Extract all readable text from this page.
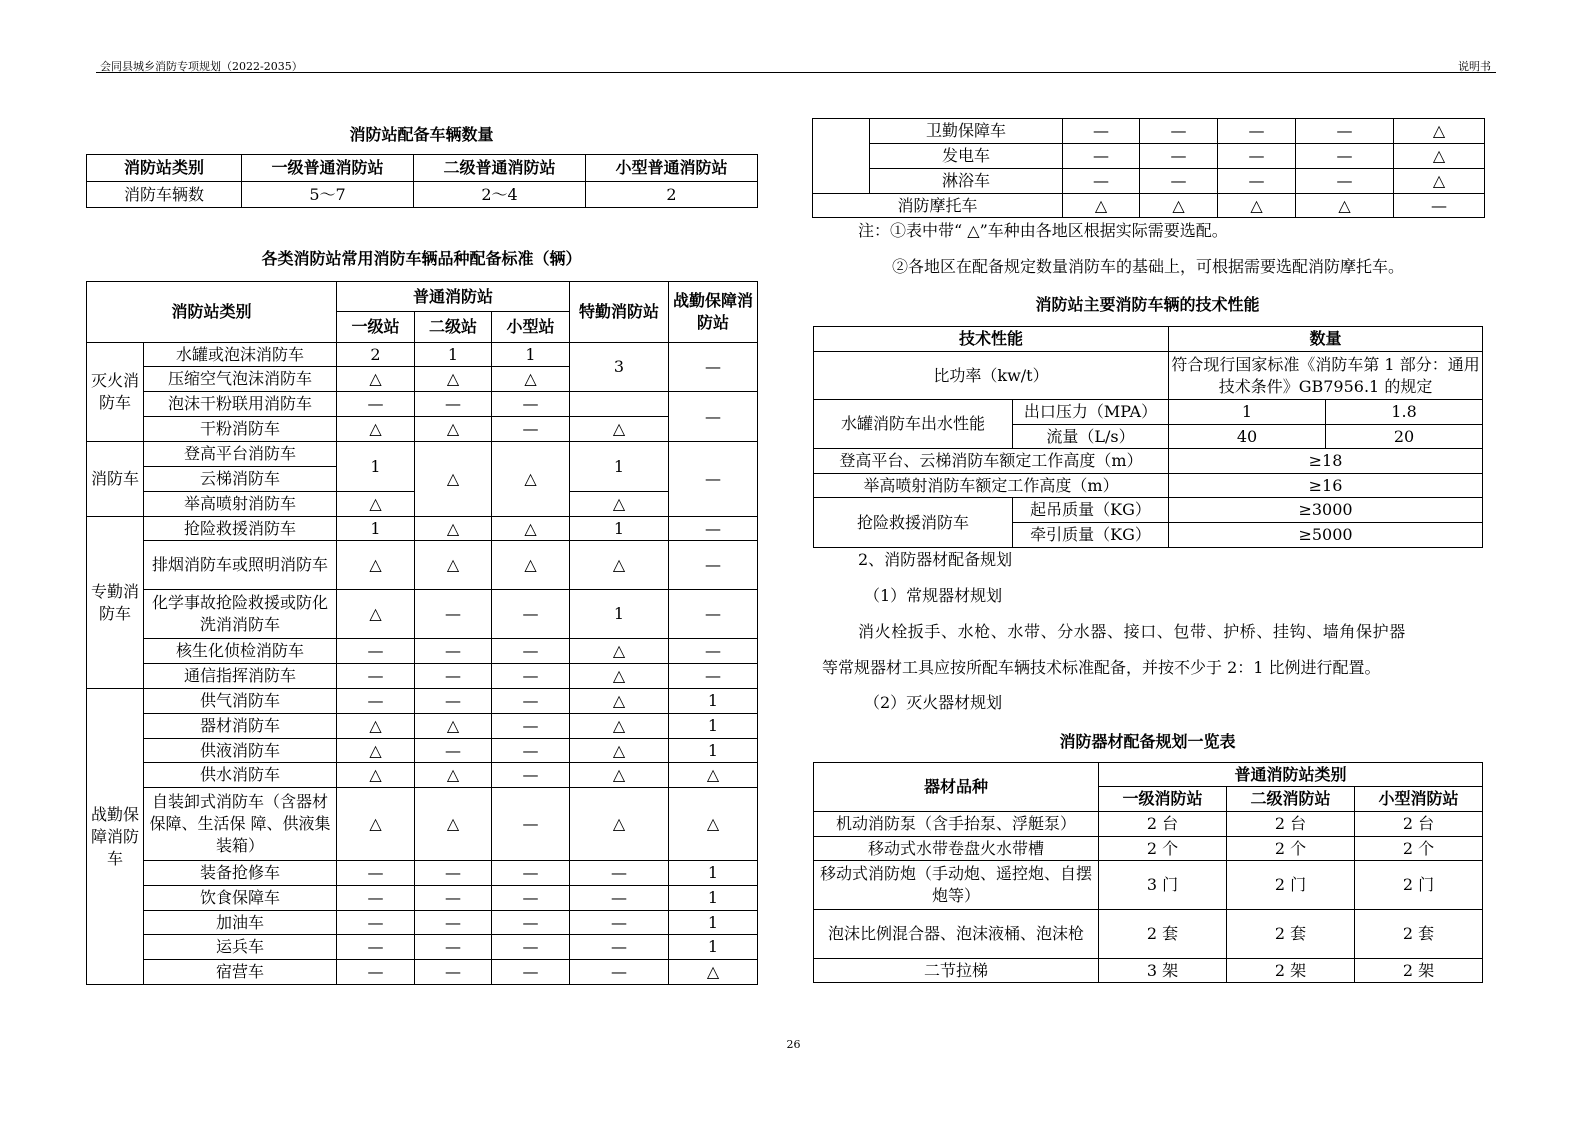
会同县城乡消防专项规划（2022-2035）	说明书
消防站配备车辆数量
消防站类别	一级普通消防站	二级普通消防站	小型普通消防站
消防车辆数	5～7	2～4	2
各类消防站常用消防车辆品种配备标准（辆）
消防站类别		普通消防站			特勤消防站	战勤保障消防站
		一级站	二级站	小型站		
灭火消防车	水罐或泡沫消防车	2	1	1	3	—
	压缩空气泡沫消防车	△	△	△		
	泡沫干粉联用消防车	—	—	—		—
	干粉消防车	△	△	—	△	
消防车	登高平台消防车	1	△	△	1	—
	云梯消防车					
	举高喷射消防车	△			△	
专勤消防车	抢险救援消防车	1	△	△	1	—
	排烟消防车或照明消防车	△	△	△	△	—
	化学事故抢险救援或防化洗消消防车	△	—	—	1	—
	核生化侦检消防车	—	—	—	△	—
	通信指挥消防车	—	—	—	△	—
战勤保障消防车	供气消防车	—	—	—	△	1
	器材消防车	△	△	—	△	1
	供液消防车	△	—	—	△	1
	供水消防车	△	△	—	△	△
	自装卸式消防车（含器材保障、生活保 障、供液集装箱）	△	△	—	△	△
	装备抢修车	—	—	—	—	1
	饮食保障车	—	—	—	—	1
	加油车	—	—	—	—	1
	运兵车	—	—	—	—	1
	宿营车	—	—	—	—	△
	卫勤保障车	—	—	—	—	△
	发电车	—	—	—	—	△
	淋浴车	—	—	—	—	△
消防摩托车		△	△	△	△	—
注：①表中带“ △”车种由各地区根据实际需要选配。
②各地区在配备规定数量消防车的基础上，可根据需要选配消防摩托车。
消防站主要消防车辆的技术性能
技术性能		数量	
比功率（kw/t）		符合现行国家标准《消防车第 1 部分：通用技术条件》GB7956.1 的规定	
水罐消防车出水性能	出口压力（MPA）	1	1.8
	流量（L/s）	40	20
登高平台、云梯消防车额定工作高度（m）		≥18	
举高喷射消防车额定工作高度（m）		≥16	
抢险救援消防车	起吊质量（KG）	≥3000	
	牵引质量（KG）	≥5000	
2、消防器材配备规划
（1）常规器材规划
消火栓扳手、水枪、水带、分水器、接口、包带、护桥、挂钩、墙角保护器
等常规器材工具应按所配车辆技术标准配备，并按不少于 2：1 比例进行配置。
（2）灭火器材规划
消防器材配备规划一览表
器材品种	普通消防站类别		
	一级消防站	二级消防站	小型消防站
机动消防泵（含手抬泵、浮艇泵）	2 台	2 台	2 台
移动式水带卷盘火水带槽	2 个	2 个	2 个
移动式消防炮（手动炮、遥控炮、自摆炮等）	3 门	2 门	2 门
泡沫比例混合器、泡沫液桶、泡沫枪	2 套	2 套	2 套
二节拉梯	3 架	2 架	2 架
26
